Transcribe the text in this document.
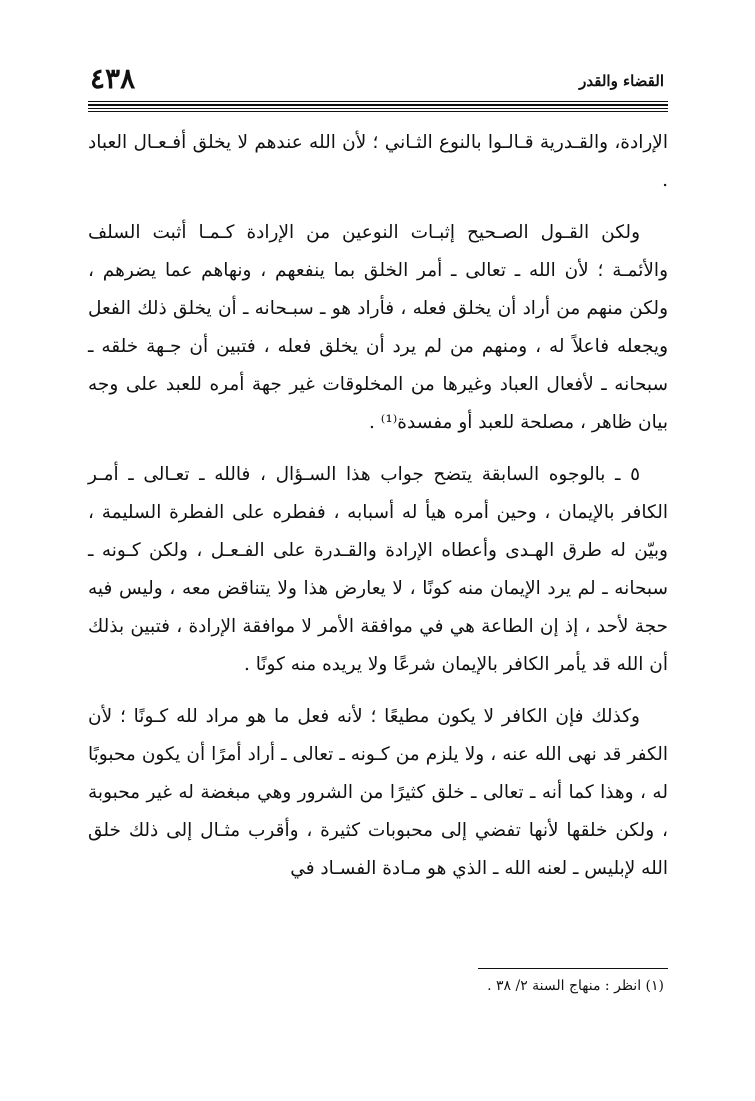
القضاء والقدر
٤٣٨

الإرادة، والقـدرية قـالـوا بالنوع الثـاني ؛ لأن الله عندهم لا يخلق أفـعـال العباد .

ولكن القـول الصـحيح إثبـات النوعين من الإرادة كـمـا أثبت السلف والأئمـة ؛ لأن الله ـ تعالى ـ أمر الخلق بما ينفعهم ، ونهاهم عما يضرهم ، ولكن منهم من أراد أن يخلق فعله ، فأراد هو ـ سبـحانه ـ أن يخلق ذلك الفعل ويجعله فاعلاً له ، ومنهم من لم يرد أن يخلق فعله ، فتبين أن جـهة خلقه ـ سبحانه ـ لأفعال العباد وغيرها من المخلوقات غير جهة أمره للعبد على وجه بيان ظاهر ، مصلحة للعبد أو مفسدة⁽¹⁾ .

٥ ـ بالوجوه السابقة يتضح جواب هذا السـؤال ، فالله ـ تعـالى ـ أمـر الكافر بالإيمان ، وحين أمره هيأ له أسبابه ، ففطره على الفطرة السليمة ، وبيّن له طرق الهـدى وأعطاه الإرادة والقـدرة على الفـعـل ، ولكن كـونه ـ سبحانه ـ لم يرد الإيمان منه كونًا ، لا يعارض هذا ولا يتناقض معه ، وليس فيه حجة لأحد ، إذ إن الطاعة هي في موافقة الأمر لا موافقة الإرادة ، فتبين بذلك أن الله قد يأمر الكافر بالإيمان شرعًا ولا يريده منه كونًا .

وكذلك فإن الكافر لا يكون مطيعًا ؛ لأنه فعل ما هو مراد لله كـونًا ؛ لأن الكفر قد نهى الله عنه ، ولا يلزم من كـونه ـ تعالى ـ أراد أمرًا أن يكون محبوبًا له ، وهذا كما أنه ـ تعالى ـ خلق كثيرًا من الشرور وهي مبغضة له غير محبوبة ، ولكن خلقها لأنها تفضي إلى محبوبات كثيرة ، وأقرب مثـال إلى ذلك خلق الله لإبليس ـ لعنه الله ـ الذي هو مـادة الفسـاد في

(١) انظر : منهاج السنة ٢/ ٣٨ .
